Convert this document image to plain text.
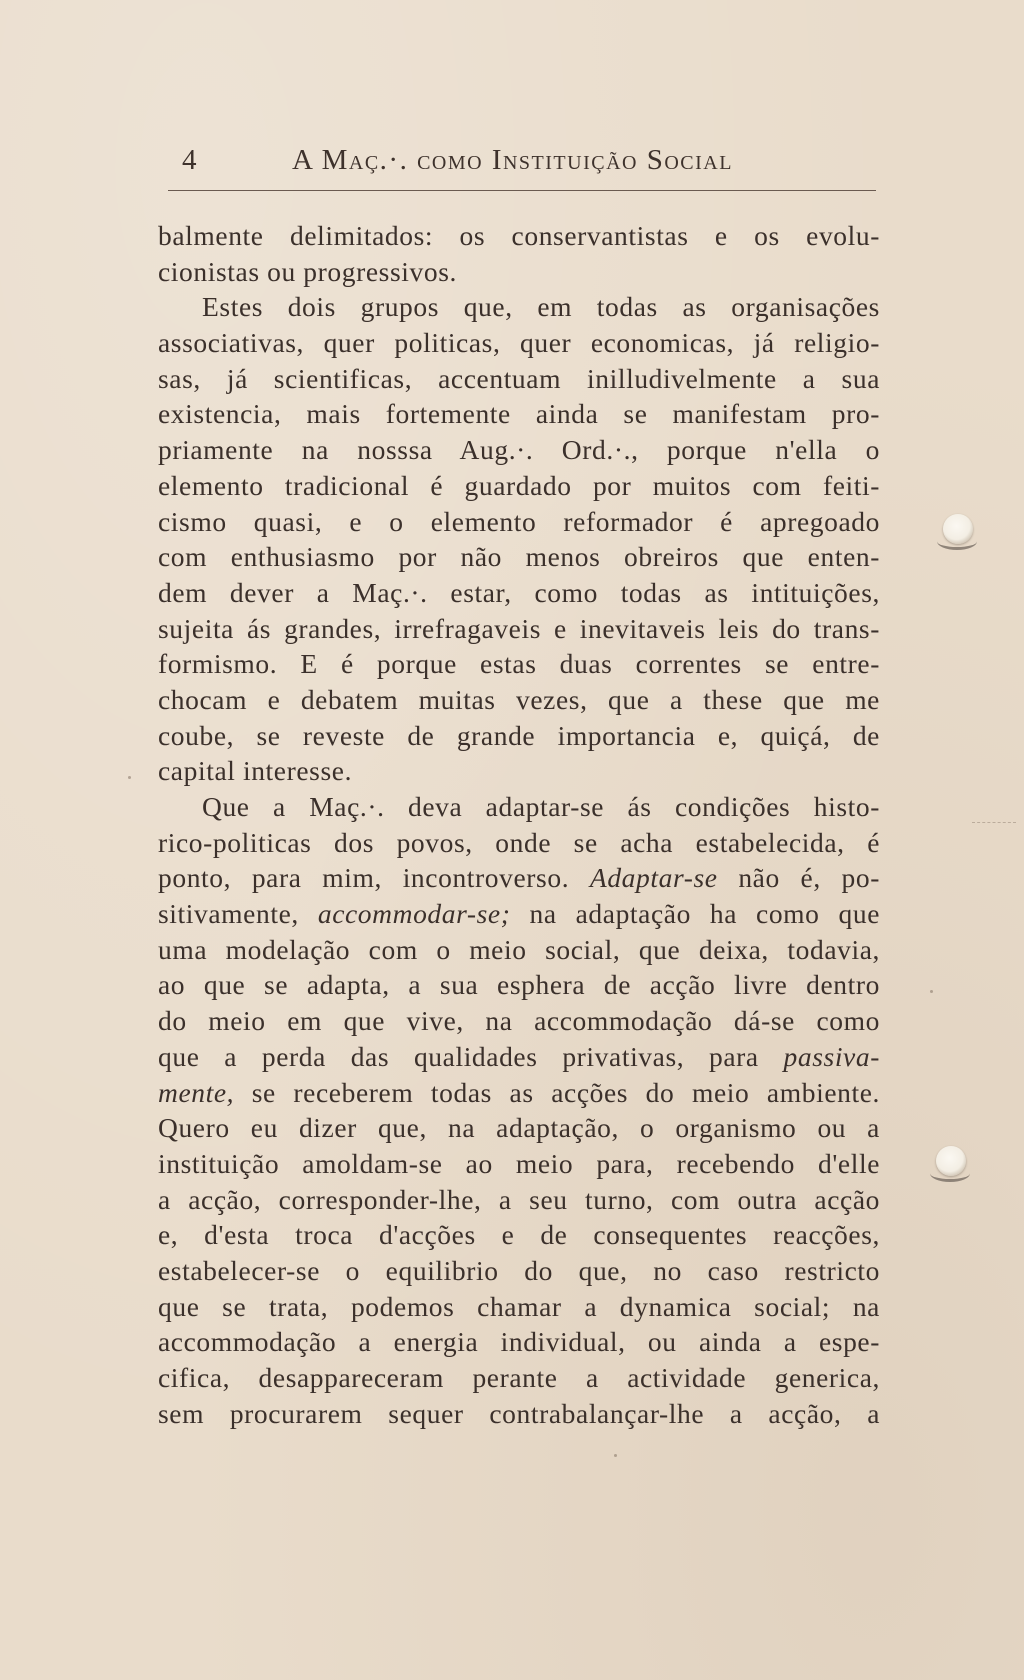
4	A Maç.·. como Instituição Social
balmente delimitados: os conservantistas e os evolu-
cionistas ou progressivos.
Estes dois grupos que, em todas as organisações
associativas, quer politicas, quer economicas, já religio-
sas, já scientificas, accentuam inilludivelmente a sua
existencia, mais fortemente ainda se manifestam pro-
priamente na nosssa Aug.·. Ord.·., porque n'ella o
elemento tradicional é guardado por muitos com feiti-
cismo quasi, e o elemento reformador é apregoado
com enthusiasmo por não menos obreiros que enten-
dem dever a Maç.·. estar, como todas as intituições,
sujeita ás grandes, irrefragaveis e inevitaveis leis do trans-
formismo. E é porque estas duas correntes se entre-
chocam e debatem muitas vezes, que a these que me
coube, se reveste de grande importancia e, quiçá, de
capital interesse.
Que a Maç.·. deva adaptar-se ás condições histo-
rico-politicas dos povos, onde se acha estabelecida, é
ponto, para mim, incontroverso. Adaptar-se não é, po-
sitivamente, accommodar-se; na adaptação ha como que
uma modelação com o meio social, que deixa, todavia,
ao que se adapta, a sua esphera de acção livre dentro
do meio em que vive, na accommodação dá-se como
que a perda das qualidades privativas, para passiva-
mente, se receberem todas as acções do meio ambiente.
Quero eu dizer que, na adaptação, o organismo ou a
instituição amoldam-se ao meio para, recebendo d'elle
a acção, corresponder-lhe, a seu turno, com outra acção
e, d'esta troca d'acções e de consequentes reacções,
estabelecer-se o equilibrio do que, no caso restricto
que se trata, podemos chamar a dynamica social; na
accommodação a energia individual, ou ainda a espe-
cifica, desappareceram perante a actividade generica,
sem procurarem sequer contrabalançar-lhe a acção, a
